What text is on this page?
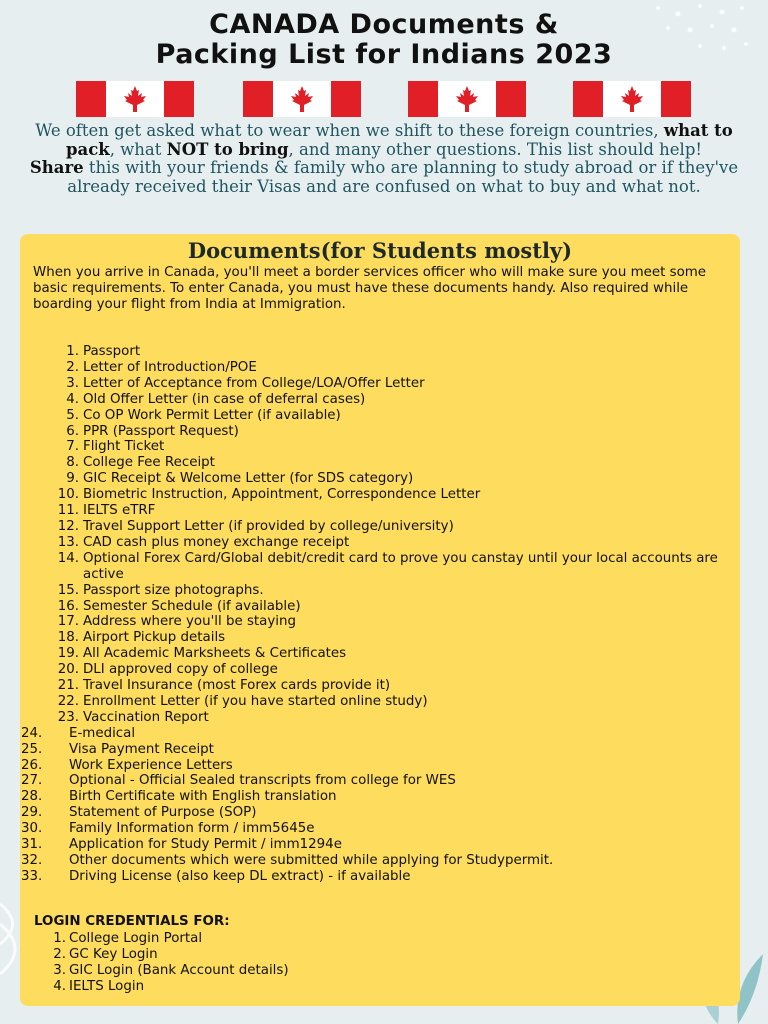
CANADA Documents &
Packing List for Indians 2023
We often get asked what to wear when we shift to these foreign countries, what to pack, what NOT to bring, and many other questions. This list should help!
Share this with your friends & family who are planning to study abroad or if they've already received their Visas and are confused on what to buy and what not.
Documents(for Students mostly)
When you arrive in Canada, you'll meet a border services officer who will make sure you meet some basic requirements. To enter Canada, you must have these documents handy. Also required while boarding your flight from India at Immigration.
1. Passport
2. Letter of Introduction/POE
3. Letter of Acceptance from College/LOA/Offer Letter
4. Old Offer Letter (in case of deferral cases)
5. Co OP Work Permit Letter (if available)
6. PPR (Passport Request)
7. Flight Ticket
8. College Fee Receipt
9. GIC Receipt & Welcome Letter (for SDS category)
10. Biometric Instruction, Appointment, Correspondence Letter
11. IELTS eTRF
12. Travel Support Letter (if provided by college/university)
13. CAD cash plus money exchange receipt
14. Optional Forex Card/Global debit/credit card to prove you canstay until your local accounts are active
15. Passport size photographs.
16. Semester Schedule (if available)
17. Address where you'll be staying
18. Airport Pickup details
19. All Academic Marksheets & Certificates
20. DLI approved copy of college
21. Travel Insurance (most Forex cards provide it)
22. Enrollment Letter (if you have started online study)
23. Vaccination Report
24.	E-medical
25.	Visa Payment Receipt
26.	Work Experience Letters
27.	Optional - Official Sealed transcripts from college for WES
28.	Birth Certificate with English translation
29.	Statement of Purpose (SOP)
30.	Family Information form / imm5645e
31.	Application for Study Permit / imm1294e
32.	Other documents which were submitted while applying for Studypermit.
33.	Driving License (also keep DL extract) - if available
LOGIN CREDENTIALS FOR:
1. College Login Portal
2. GC Key Login
3. GIC Login (Bank Account details)
4. IELTS Login
